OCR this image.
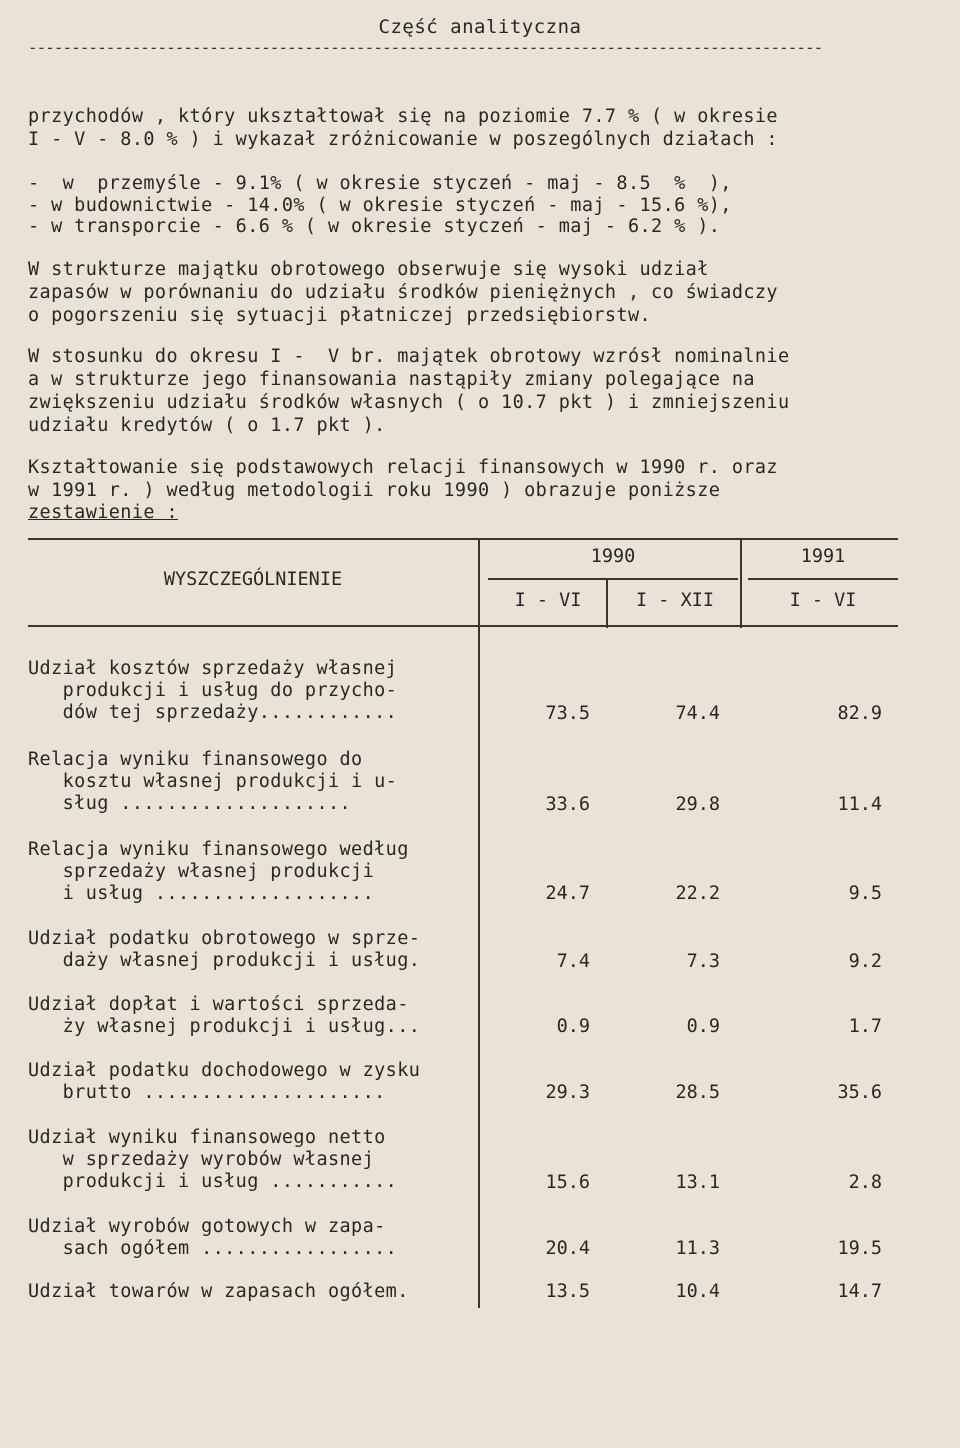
Część analityczna
--------------------------------------------------------------------------------------------
przychodów , który ukształtował się na poziomie 7.7 % ( w okresie
I - V - 8.0 % ) i wykazał zróżnicowanie w poszególnych działach :
-  w  przemyśle - 9.1% ( w okresie styczeń - maj - 8.5  %  ),
- w budownictwie - 14.0% ( w okresie styczeń - maj - 15.6 %),
- w transporcie - 6.6 % ( w okresie styczeń - maj - 6.2 % ).
W strukturze majątku obrotowego obserwuje się wysoki udział
zapasów w porównaniu do udziału środków pieniężnych , co świadczy
o pogorszeniu się sytuacji płatniczej przedsiębiorstw.
W stosunku do okresu I -  V br. majątek obrotowy wzrósł nominalnie
a w strukturze jego finansowania nastąpiły zmiany polegające na
zwiększeniu udziału środków własnych ( o 10.7 pkt ) i zmniejszeniu
udziału kredytów ( o 1.7 pkt ).
Kształtowanie się podstawowych relacji finansowych w 1990 r. oraz
w 1991 r. ) według metodologii roku 1990 ) obrazuje poniższe
zestawienie :
WYSZCZEGÓLNIENIE
1990	1991
I - VI	I - XII	I - VI
Udział kosztów sprzedaży własnej
produkcji i usług do przycho-
dów tej sprzedaży............	73.5	74.4	82.9
Relacja wyniku finansowego do
kosztu własnej produkcji i u-
sług ....................	33.6	29.8	11.4
Relacja wyniku finansowego według
sprzedaży własnej produkcji
i usług ...................	24.7	22.2	9.5
Udział podatku obrotowego w sprze-
daży własnej produkcji i usług.	7.4	7.3	9.2
Udział dopłat i wartości sprzeda-
ży własnej produkcji i usług...	0.9	0.9	1.7
Udział podatku dochodowego w zysku
brutto .....................	29.3	28.5	35.6
Udział wyniku finansowego netto
w sprzedaży wyrobów własnej
produkcji i usług ...........	15.6	13.1	2.8
Udział wyrobów gotowych w zapa-
sach ogółem .................	20.4	11.3	19.5
Udział towarów w zapasach ogółem.	13.5	10.4	14.7
